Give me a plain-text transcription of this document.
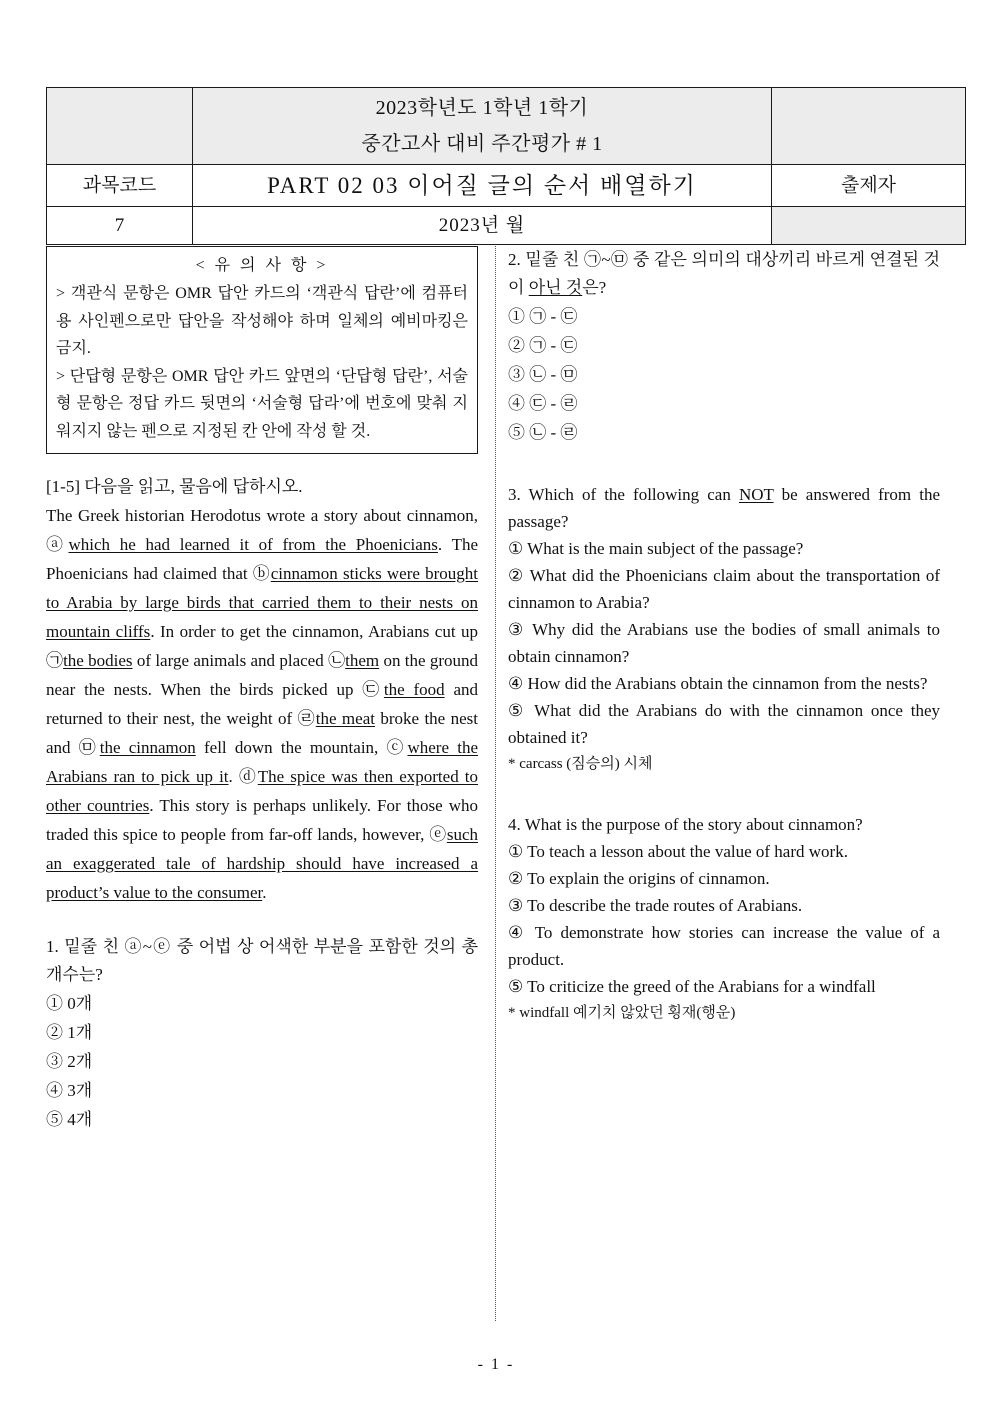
	2023학년도 1학년 1학기
중간고사 대비 주간평가 # 1	

과목코드	PART 02 03 이어질 글의 순서 배열하기	출제자
7	2023년 월	
< 유 의 사 항 >
> 객관식 문항은 OMR 답안 카드의 ‘객관식 답란’에 컴퓨터용 사인펜으로만 답안을 작성해야 하며 일체의 예비마킹은 금지.
> 단답형 문항은 OMR 답안 카드 앞면의 ‘단답형 답란’, 서술형 문항은 정답 카드 뒷면의 ‘서술형 답라’에 번호에 맞춰 지워지지 않는 펜으로 지정된 칸 안에 작성 할 것.
[1-5] 다음을 읽고, 물음에 답하시오.
The Greek historian Herodotus wrote a story about cinnamon, ⓐwhich he had learned it of from the Phoenicians. The Phoenicians had claimed that ⓑcinnamon sticks were brought to Arabia by large birds that carried them to their nests on mountain cliffs. In order to get the cinnamon, Arabians cut up ㉠the bodies of large animals and placed ㉡them on the ground near the nests. When the birds picked up ㉢the food and returned to their nest, the weight of ㉣the meat broke the nest and ㉤the cinnamon fell down the mountain, ⓒwhere the Arabians ran to pick up it. ⓓThe spice was then exported to other countries. This story is perhaps unlikely. For those who traded this spice to people from far-off lands, however, ⓔsuch an exaggerated tale of hardship should have increased a product’s value to the consumer.
1. 밑줄 친 ⓐ~ⓔ 중 어법 상 어색한 부분을 포함한 것의 총 개수는?
① 0개
② 1개
③ 2개
④ 3개
⑤ 4개
2. 밑줄 친 ㉠~㉤ 중 같은 의미의 대상끼리 바르게 연결된 것이 아닌 것은?
① ㉠ - ㉢
② ㉠ - ㉢
③ ㉡ - ㉤
④ ㉢ - ㉣
⑤ ㉡ - ㉣
3. Which of the following can NOT be answered from the passage?
① What is the main subject of the passage?
② What did the Phoenicians claim about the transportation of cinnamon to Arabia?
③ Why did the Arabians use the bodies of small animals to obtain cinnamon?
④ How did the Arabians obtain the cinnamon from the nests?
⑤ What did the Arabians do with the cinnamon once they obtained it?
* carcass (짐승의) 시체
4. What is the purpose of the story about cinnamon?
① To teach a lesson about the value of hard work.
② To explain the origins of cinnamon.
③ To describe the trade routes of Arabians.
④ To demonstrate how stories can increase the value of a product.
⑤ To criticize the greed of the Arabians for a windfall
* windfall 예기치 않았던 횡재(행운)
- 1 -
